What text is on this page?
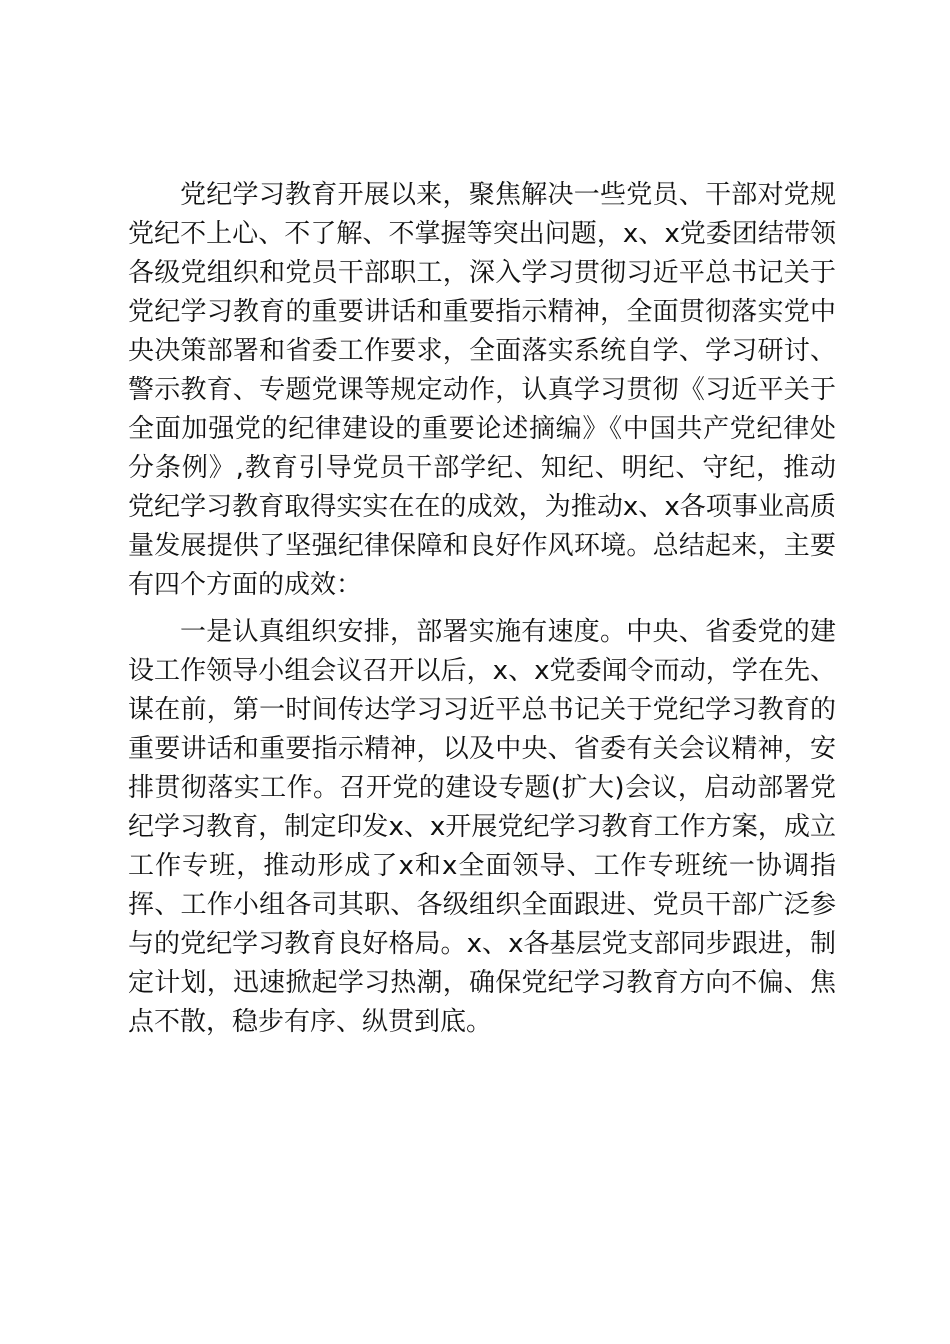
党纪学习教育开展以来，聚焦解决一些党员、干部对党规党纪不上心、不了解、不掌握等突出问题，x、x党委团结带领各级党组织和党员干部职工，深入学习贯彻习近平总书记关于党纪学习教育的重要讲话和重要指示精神，全面贯彻落实党中央决策部署和省委工作要求，全面落实系统自学、学习研讨、警示教育、专题党课等规定动作，认真学习贯彻《习近平关于全面加强党的纪律建设的重要论述摘编》《中国共产党纪律处分条例》,教育引导党员干部学纪、知纪、明纪、守纪，推动党纪学习教育取得实实在在的成效，为推动x、x各项事业高质量发展提供了坚强纪律保障和良好作风环境。总结起来，主要有四个方面的成效：

一是认真组织安排，部署实施有速度。中央、省委党的建设工作领导小组会议召开以后，x、x党委闻令而动，学在先、谋在前，第一时间传达学习习近平总书记关于党纪学习教育的重要讲话和重要指示精神，以及中央、省委有关会议精神，安排贯彻落实工作。召开党的建设专题(扩大)会议，启动部署党纪学习教育，制定印发x、x开展党纪学习教育工作方案，成立工作专班，推动形成了x和x全面领导、工作专班统一协调指挥、工作小组各司其职、各级组织全面跟进、党员干部广泛参与的党纪学习教育良好格局。x、x各基层党支部同步跟进，制定计划，迅速掀起学习热潮，确保党纪学习教育方向不偏、焦点不散，稳步有序、纵贯到底。
